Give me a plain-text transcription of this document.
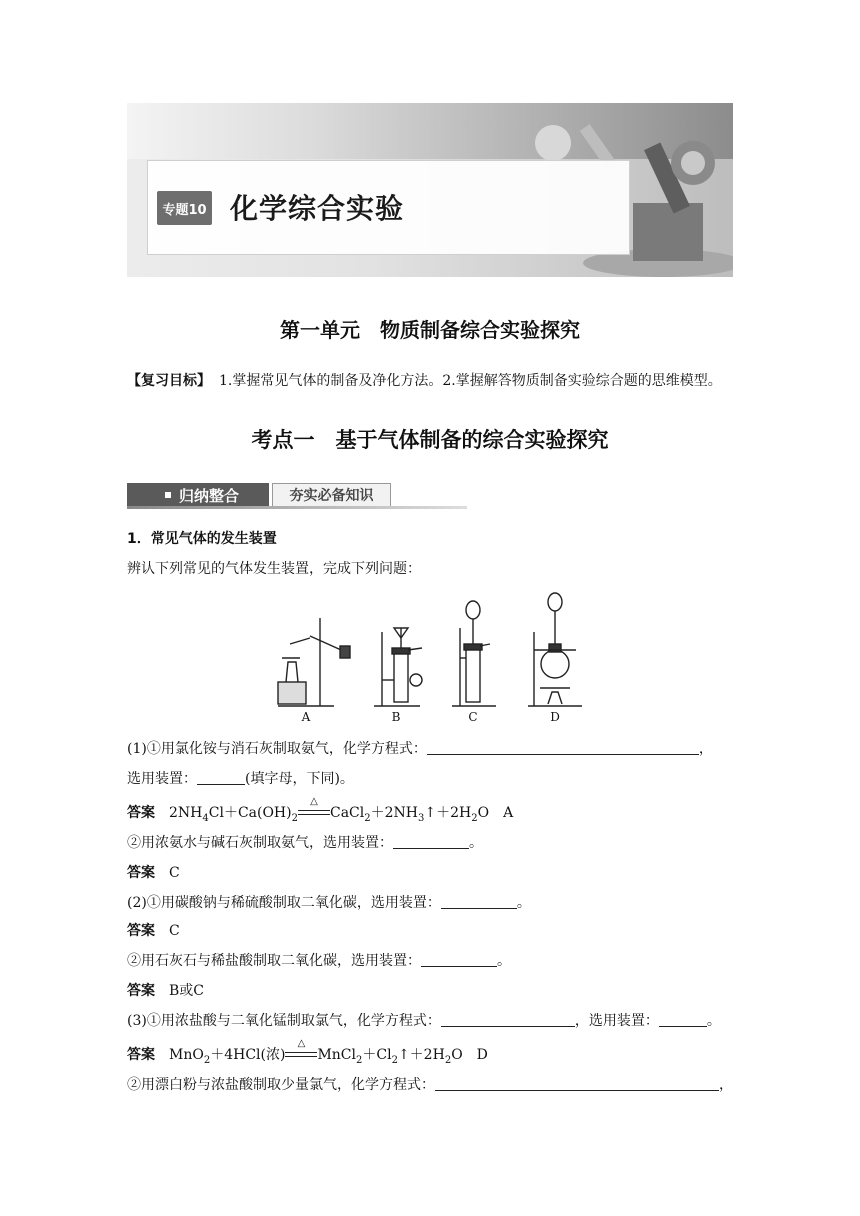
专题10 化学综合实验
第一单元　物质制备综合实验探究
【复习目标】 1.掌握常见气体的制备及净化方法。2.掌握解答物质制备实验综合题的思维模型。
考点一　基于气体制备的综合实验探究
归纳整合	夯实必备知识
1．常见气体的发生装置
辨认下列常见的气体发生装置，完成下列问题：
A	B	C	D
(1)①用氯化铵与消石灰制取氨气，化学方程式：	，
选用装置：	(填字母，下同)。
答案 $2NH_4Cl+Ca(OH)_2$
△
$CaCl_2+2NH_3↑+2H_2O$　A
②用浓氨水与碱石灰制取氨气，选用装置：	。
答案 C
(2)①用碳酸钠与稀硫酸制取二氧化碳，选用装置：	。
答案 C
②用石灰石与稀盐酸制取二氧化碳，选用装置：	。
答案 B或C
(3)①用浓盐酸与二氧化锰制取氯气，化学方程式：	，选用装置：	。
答案 MnO$_2$＋4HCl(浓)
△
$MnCl_2+Cl_2↑+2H_2O$　D
②用漂白粉与浓盐酸制取少量氯气，化学方程式：	，
